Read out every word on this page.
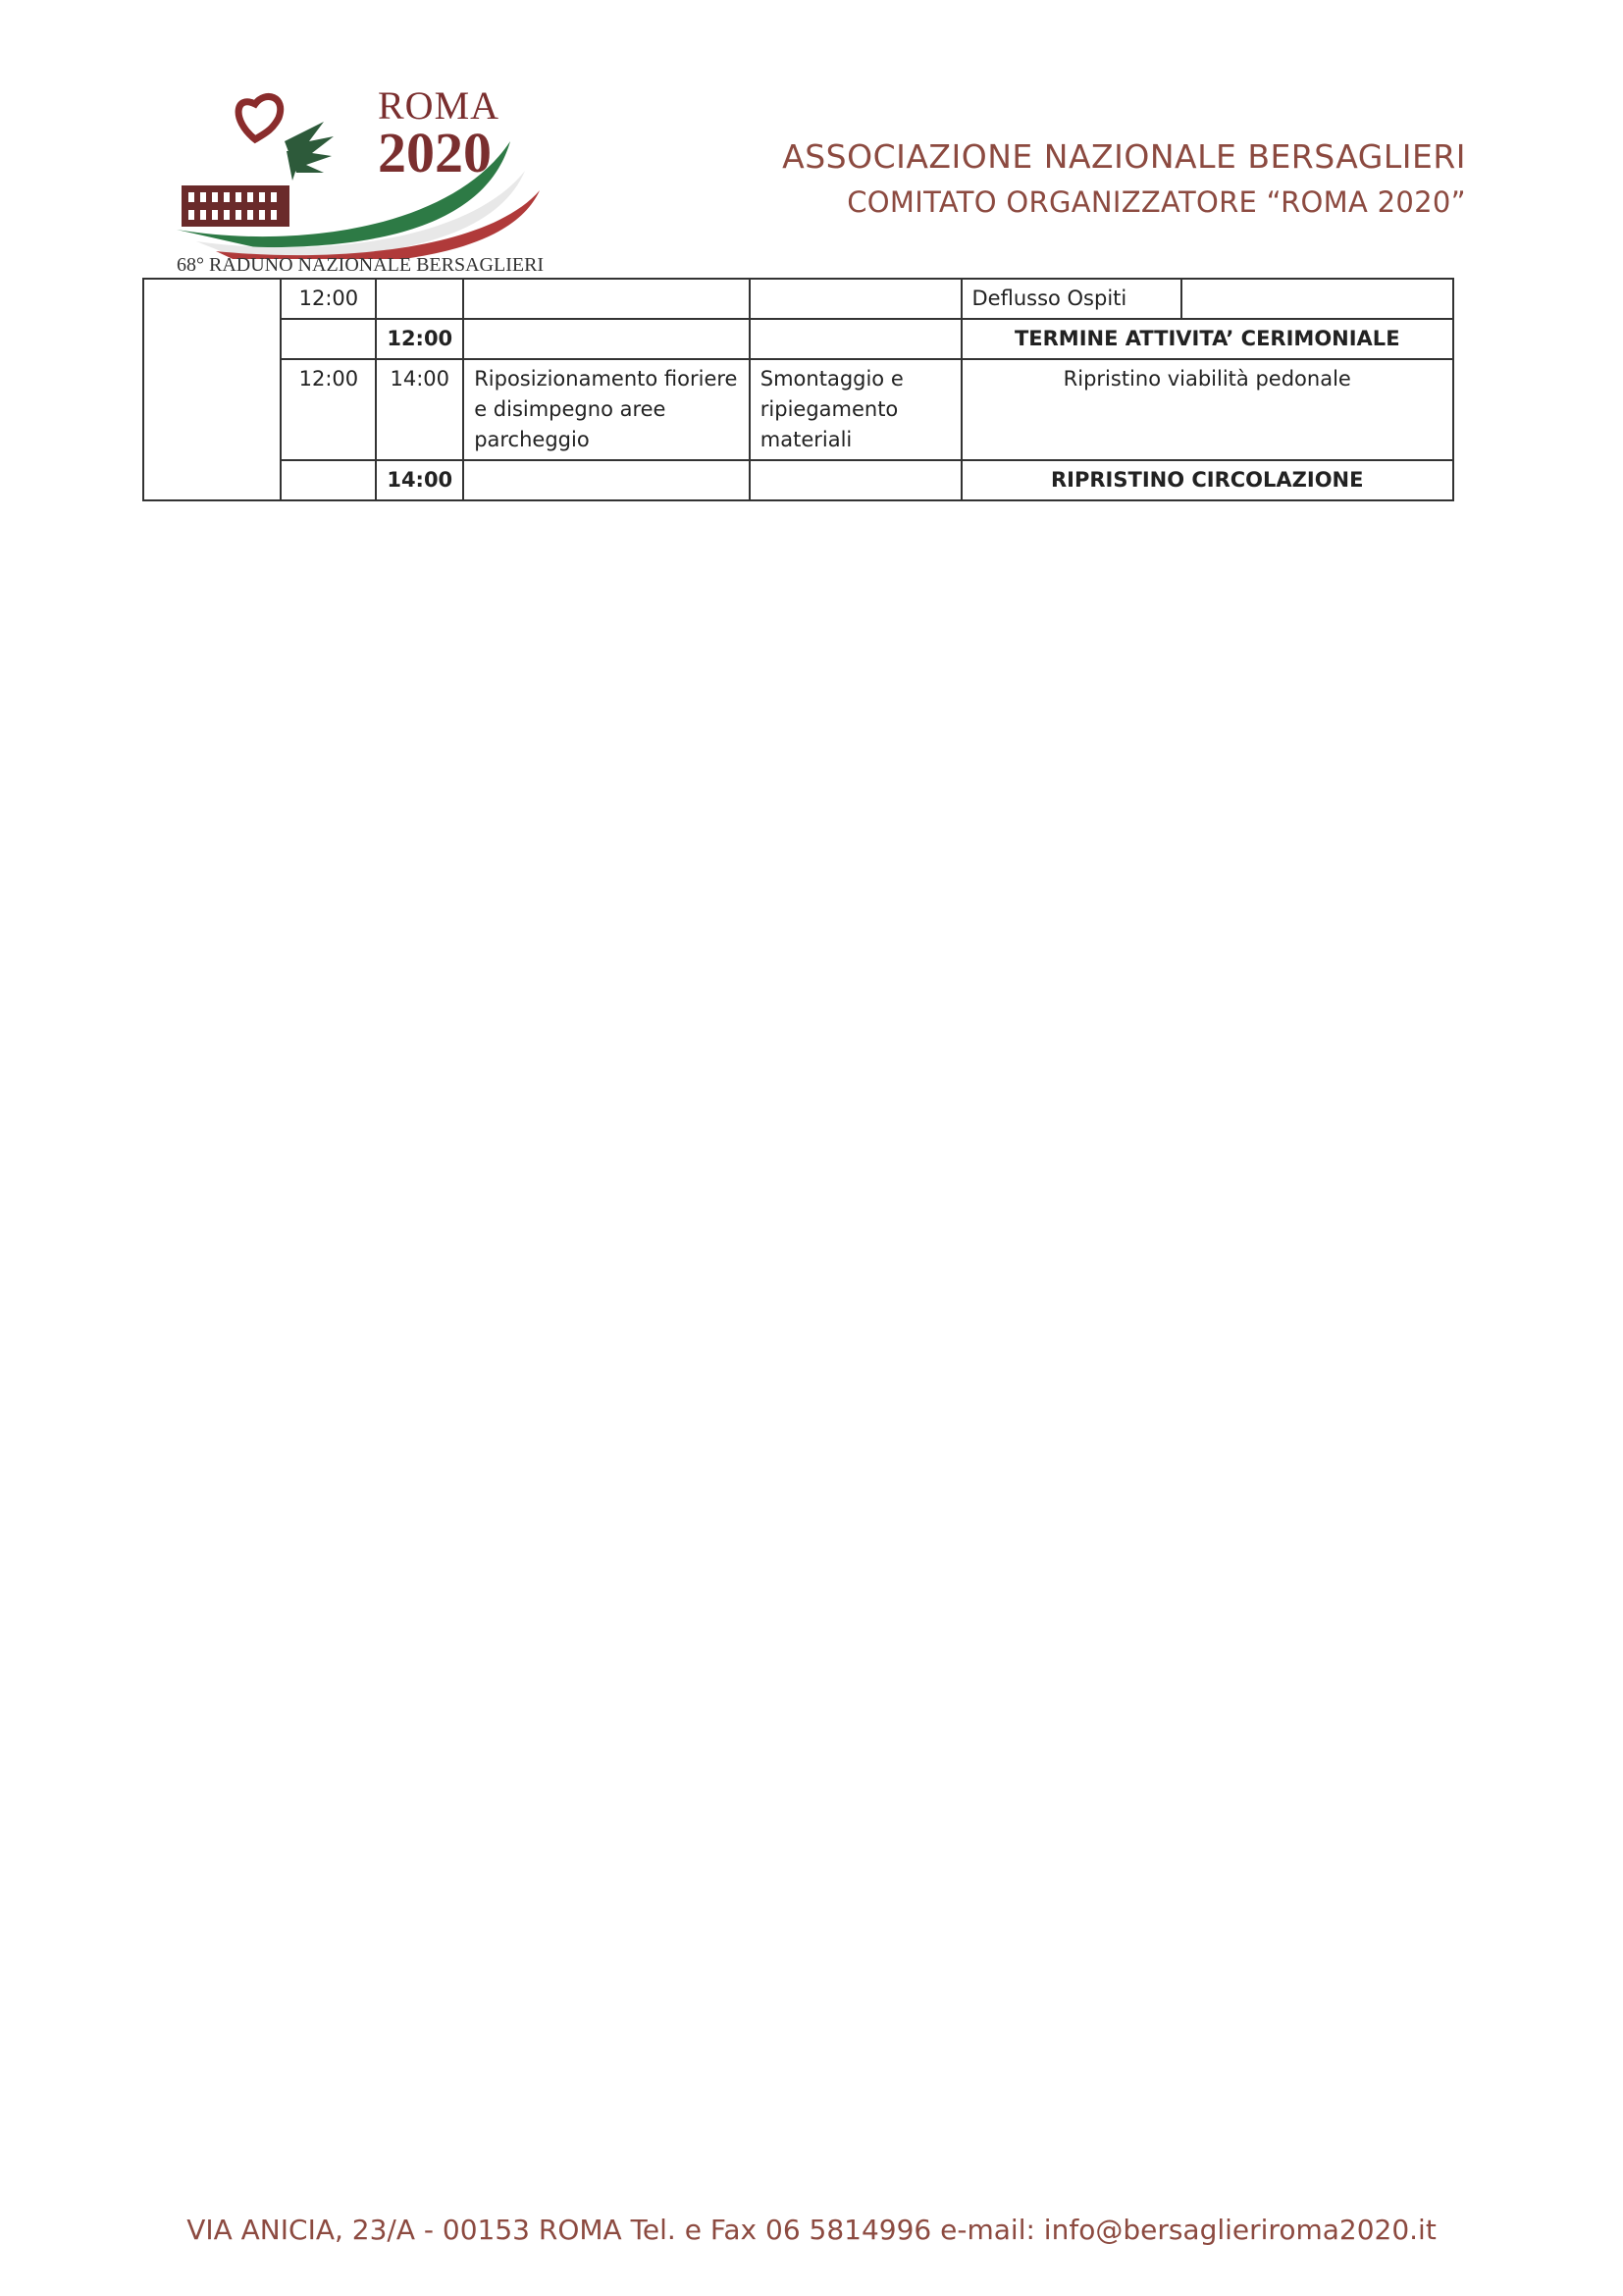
ROMA
2020
68° RADUNO NAZIONALE BERSAGLIERI
ASSOCIAZIONE NAZIONALE BERSAGLIERI
COMITATO ORGANIZZATORE “ROMA 2020”
	12:00				Deflusso Ospiti	
		12:00			TERMINE ATTIVITA’ CERIMONIALE	
	12:00	14:00	Riposizionamento fioriere e disimpegno aree parcheggio	Smontaggio e ripiegamento materiali	Ripristino viabilità pedonale	
		14:00			RIPRISTINO CIRCOLAZIONE	
VIA ANICIA, 23/A - 00153 ROMA Tel. e Fax 06 5814996 e-mail: info@bersaglieriroma2020.it
